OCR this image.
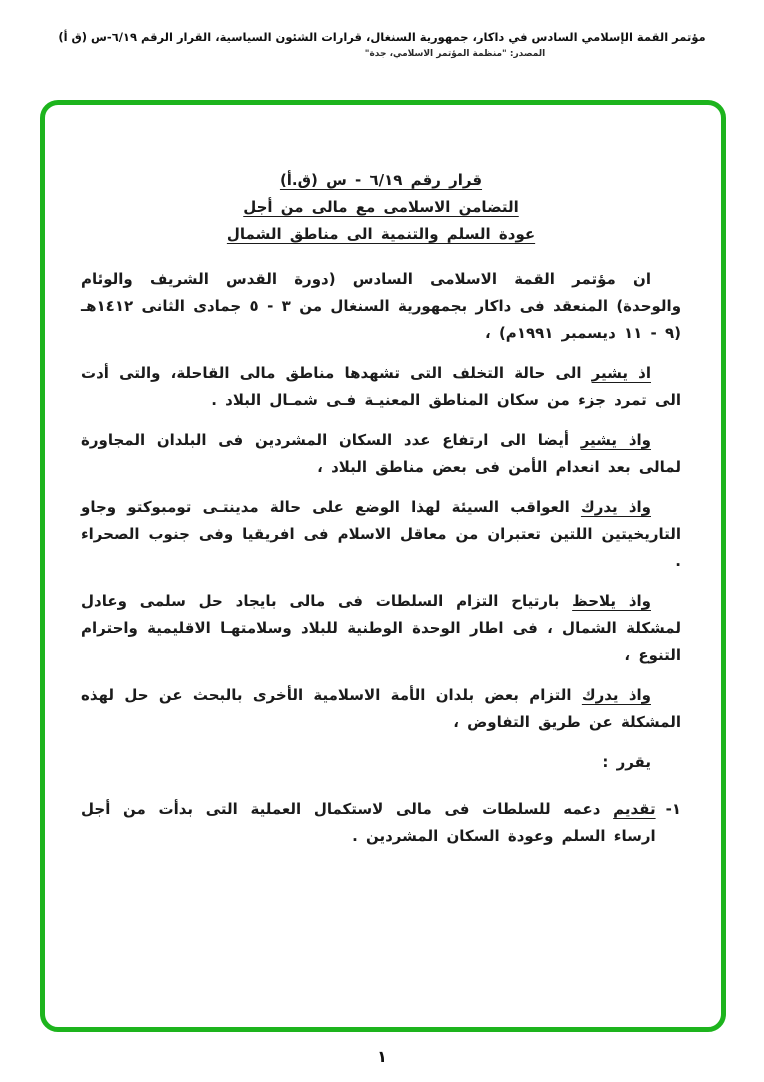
مؤتمر القمة الإسلامي السادس في داكار، جمهورية السنغال، قرارات الشئون السياسية، القرار الرقم ٦/١٩-س (ق أ)
المصدر: "منظمة المؤتمر الاسلامي، جدة"
قرار رقم ٦/١٩ - س (ق.أ)
التضامن الاسلامى مع مالى من أجل
عودة السلم والتنمية الى مناطق الشمال

ان مؤتمر القمة الاسلامى السادس (دورة القدس الشريف والوئام والوحدة) المنعقد فى داكار بجمهورية السنغال من ٣ - ٥ جمادى الثانى ١٤١٢هـ (٩ - ١١ ديسمبر ١٩٩١م) ،

اذ يشير الى حالة التخلف التى تشهدها مناطق مالى القاحلة، والتى أدت الى تمرد جزء من سكان المناطق المعنيـة فـى شمـال البلاد .

واذ يشير أيضا الى ارتفاع عدد السكان المشردين فى البلدان المجاورة لمالى بعد انعدام الأمن فى بعض مناطق البلاد ،

واذ يدرك العواقب السيئة لهذا الوضع على حالة مدينتـى تومبوكتو وجاو التاريخيتين اللتين تعتبران من معاقل الاسلام فى افريقيا وفى جنوب الصحراء .

واذ يلاحظ بارتياح التزام السلطات فى مالى بايجاد حل سلمى وعادل لمشكلة الشمال ، فى اطار الوحدة الوطنية للبلاد وسلامتهـا الاقليمية واحترام التنوع ،

واذ يدرك التزام بعض بلدان الأمة الاسلامية الأخرى بالبحث عن حل لهذه المشكلة عن طريق التفاوض ،

يقرر :

١-
تقديم دعمه للسلطات فى مالى لاستكمال العملية التى بدأت من أجل ارساء السلم وعودة السكان المشردين .
١
